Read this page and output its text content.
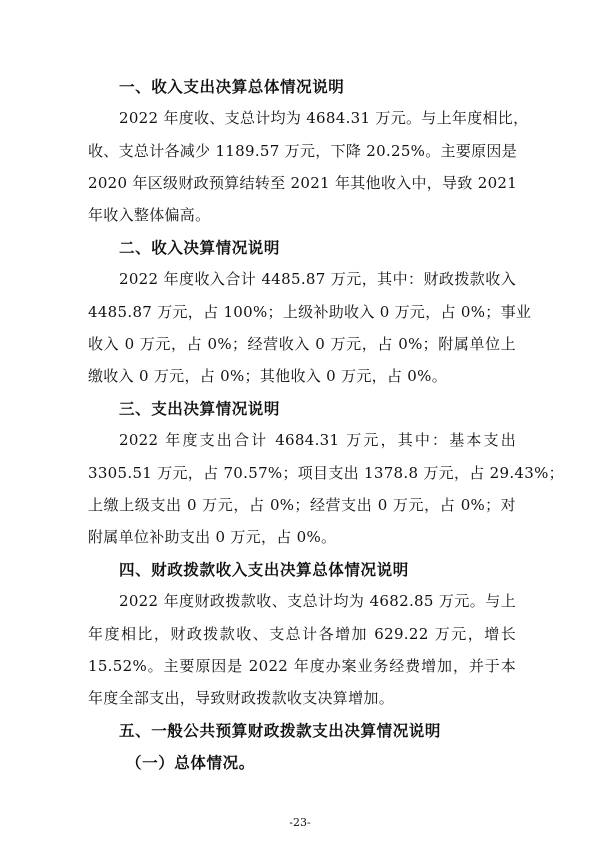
一、收入支出决算总体情况说明

2022 年度收、支总计均为 4684.31 万元。与上年度相比，

收、支总计各减少 1189.57 万元，下降 20.25%。主要原因是

2020 年区级财政预算结转至 2021 年其他收入中，导致 2021

年收入整体偏高。

二、收入决算情况说明

2022 年度收入合计 4485.87 万元，其中：财政拨款收入

4485.87 万元，占 100%；上级补助收入 0 万元，占 0%；事业

收入 0 万元，占 0%；经营收入 0 万元，占 0%；附属单位上

缴收入 0 万元，占 0%；其他收入 0 万元，占 0%。

三、支出决算情况说明

2022 年度支出合计 4684.31 万元，其中：基本支出

3305.51 万元，占 70.57%；项目支出 1378.8 万元，占 29.43%；

上缴上级支出 0 万元，占 0%；经营支出 0 万元，占 0%；对

附属单位补助支出 0 万元，占 0%。

四、财政拨款收入支出决算总体情况说明

2022 年度财政拨款收、支总计均为 4682.85 万元。与上

年度相比，财政拨款收、支总计各增加 629.22 万元，增长

15.52%。主要原因是 2022 年度办案业务经费增加，并于本

年度全部支出，导致财政拨款收支决算增加。

五、一般公共预算财政拨款支出决算情况说明
（一）总体情况。
-23-
